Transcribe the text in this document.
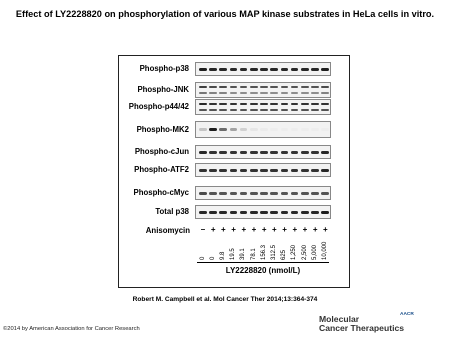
Effect of LY2228820 on phosphorylation of various MAP kinase substrates in HeLa cells in vitro.
Anisomycin – + + + + + + + + + + + +
0 0 9.8 19.5 39.1 78.1 156.3 312.5 625 1,250 2,500 5,000 10,000
LY2228820 (nmol/L)
Robert M. Campbell et al. Mol Cancer Ther 2014;13:364-374
©2014 by American Association for Cancer Research
Molecular
Cancer Therapeutics
AACR
Phospho-p38
Phospho-JNK
Phospho-p44/42
Phospho-MK2
Phospho-cJun
Phospho-ATF2
Phospho-cMyc
Total p38
